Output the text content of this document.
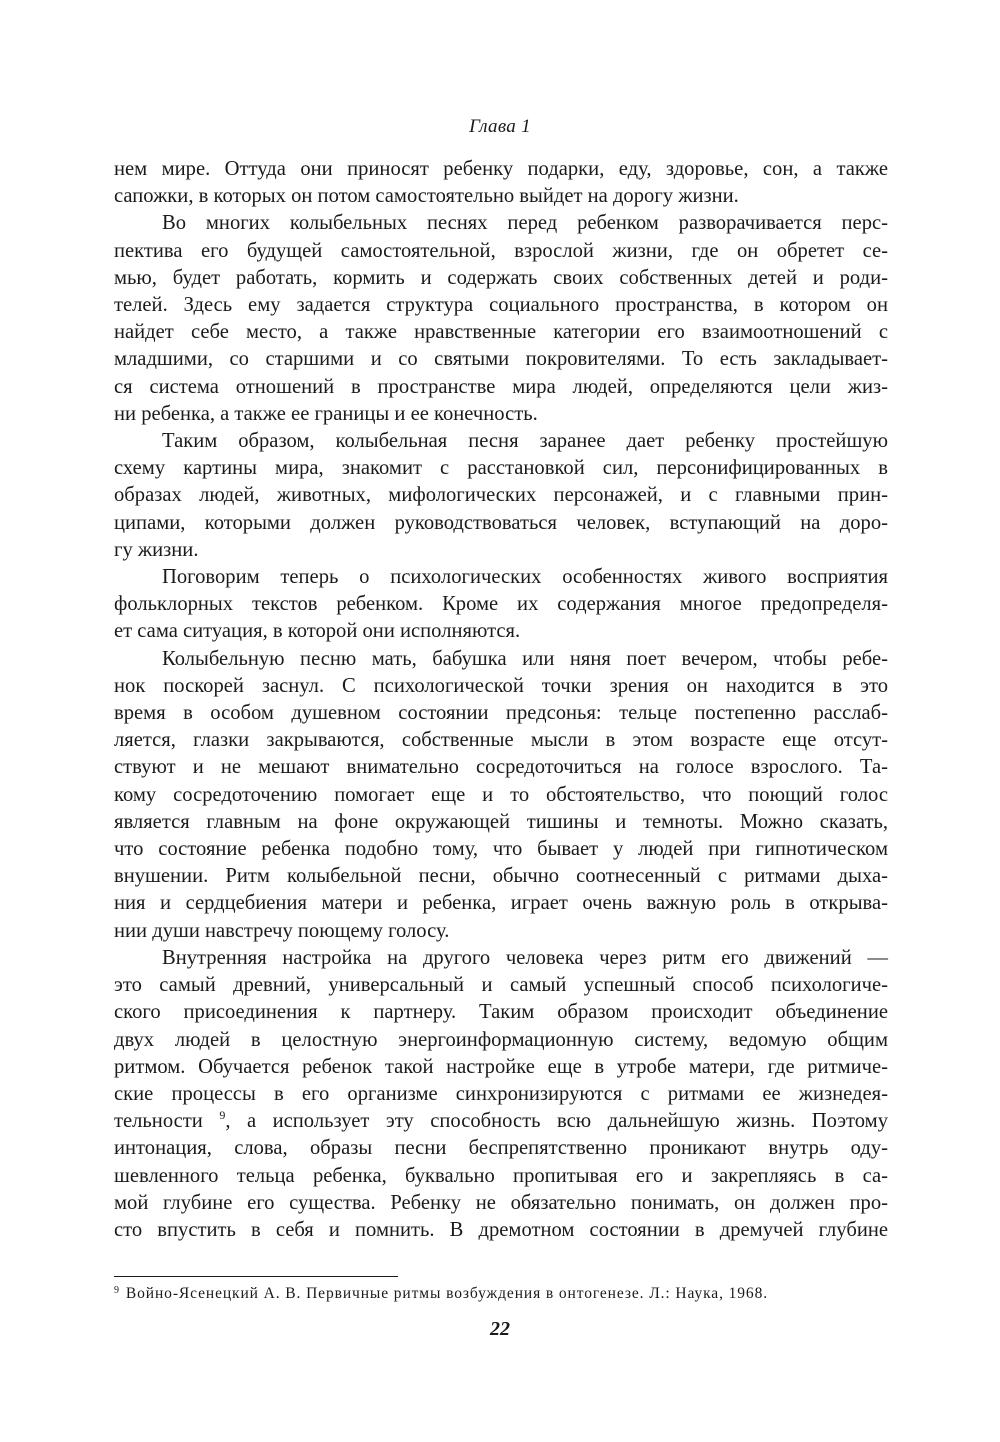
Глава 1

нем мире. Оттуда они приносят ребенку подарки, еду, здоровье, сон, а также
сапожки, в которых он потом самостоятельно выйдет на дорогу жизни.

Во многих колыбельных песнях перед ребенком разворачивается перс-
пектива его будущей самостоятельной, взрослой жизни, где он обретет се-
мью, будет работать, кормить и содержать своих собственных детей и роди-
телей. Здесь ему задается структура социального пространства, в котором он
найдет себе место, а также нравственные категории его взаимоотношений с
младшими, со старшими и со святыми покровителями. То есть закладывает-
ся система отношений в пространстве мира людей, определяются цели жиз-
ни ребенка, а также ее границы и ее конечность.

Таким образом, колыбельная песня заранее дает ребенку простейшую
схему картины мира, знакомит с расстановкой сил, персонифицированных в
образах людей, животных, мифологических персонажей, и с главными прин-
ципами, которыми должен руководствоваться человек, вступающий на доро-
гу жизни.

Поговорим теперь о психологических особенностях живого восприятия
фольклорных текстов ребенком. Кроме их содержания многое предопределя-
ет сама ситуация, в которой они исполняются.

Колыбельную песню мать, бабушка или няня поет вечером, чтобы ребе-
нок поскорей заснул. С психологической точки зрения он находится в это
время в особом душевном состоянии предсонья: тельце постепенно расслаб-
ляется, глазки закрываются, собственные мысли в этом возрасте еще отсут-
ствуют и не мешают внимательно сосредоточиться на голосе взрослого. Та-
кому сосредоточению помогает еще и то обстоятельство, что поющий голос
является главным на фоне окружающей тишины и темноты. Можно сказать,
что состояние ребенка подобно тому, что бывает у людей при гипнотическом
внушении. Ритм колыбельной песни, обычно соотнесенный с ритмами дыха-
ния и сердцебиения матери и ребенка, играет очень важную роль в открыва-
нии души навстречу поющему голосу.

Внутренняя настройка на другого человека через ритм его движений —
это самый древний, универсальный и самый успешный способ психологиче-
ского присоединения к партнеру. Таким образом происходит объединение
двух людей в целостную энергоинформационную систему, ведомую общим
ритмом. Обучается ребенок такой настройке еще в утробе матери, где ритмиче-
ские процессы в его организме синхронизируются с ритмами ее жизнедея-
тельности $^9$, а использует эту способность всю дальнейшую жизнь. Поэтому
интонация, слова, образы песни беспрепятственно проникают внутрь оду-
шевленного тельца ребенка, буквально пропитывая его и закрепляясь в са-
мой глубине его существа. Ребенку не обязательно понимать, он должен про-
сто впустить в себя и помнить. В дремотном состоянии в дремучей глубине

$^9$ Войно-Ясенецкий А. В. Первичные ритмы возбуждения в онтогенезе. Л.: Наука, 1968.
22
